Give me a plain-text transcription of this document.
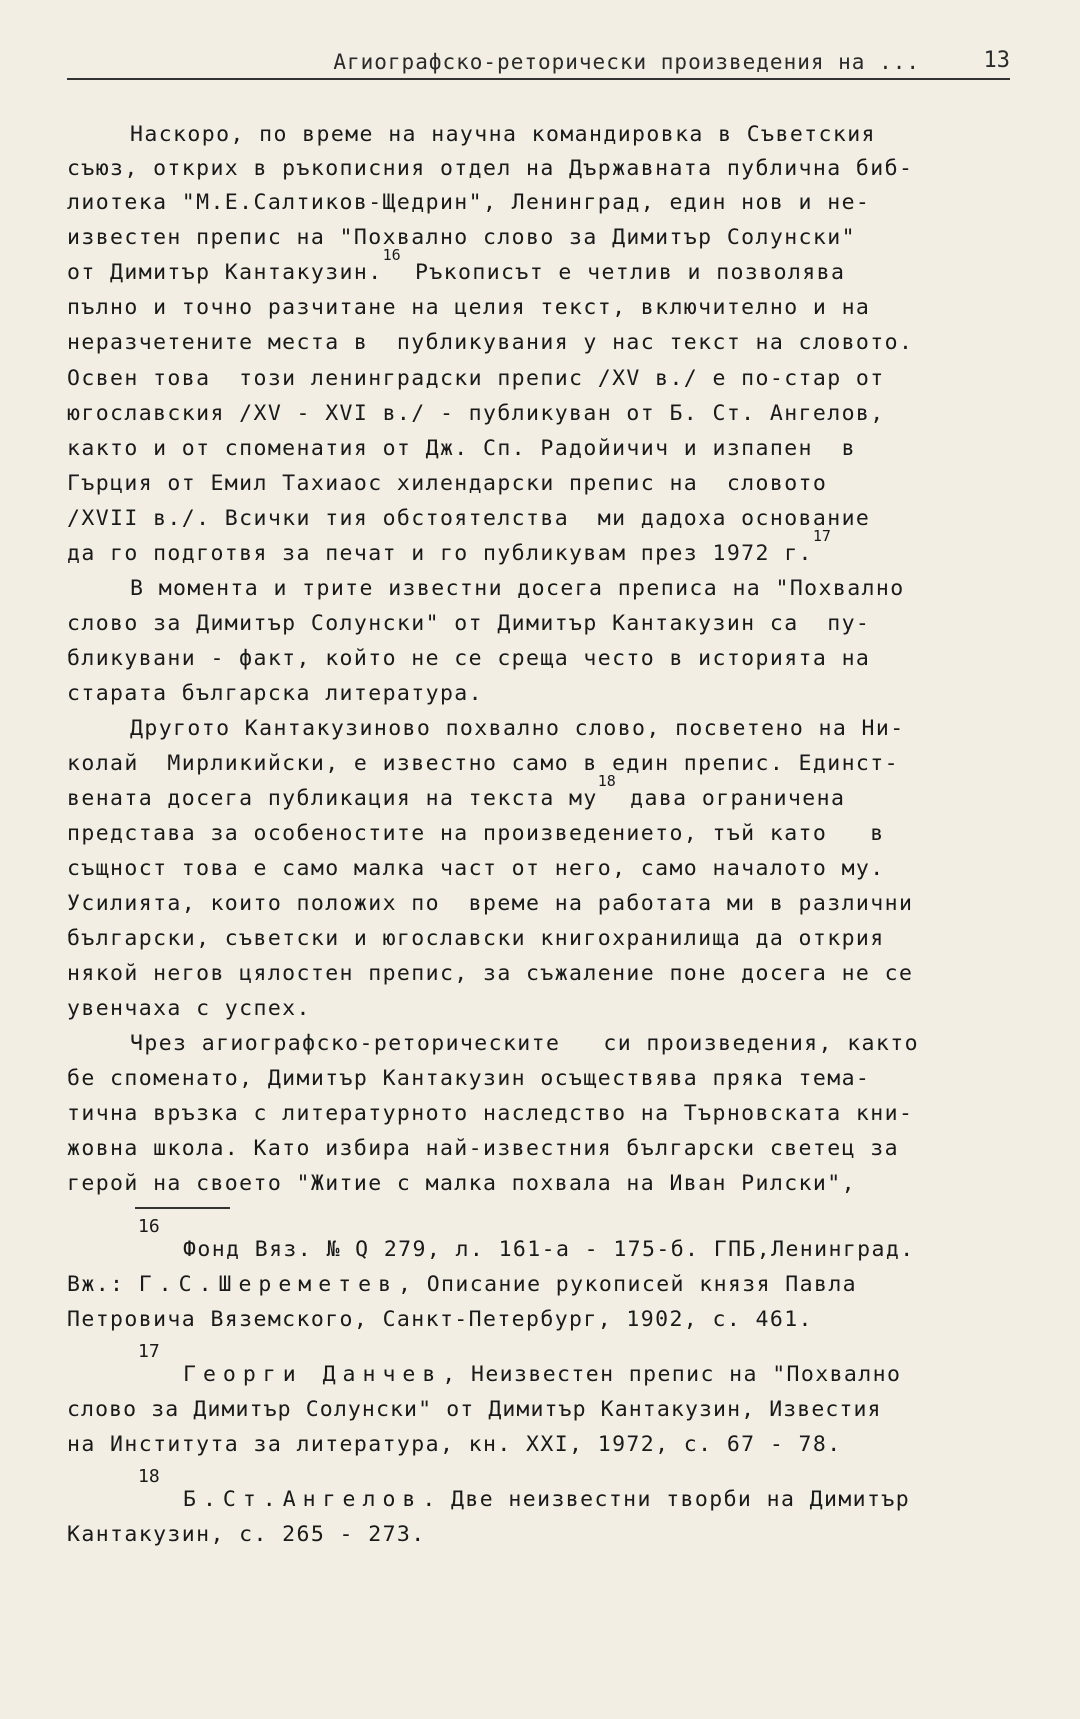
Агиографско-реторически произведения на ...	13
Наскоро, по време на научна командировка в Съветския
съюз, открих в ръкописния отдел на Държавната публична биб-
лиотека "М.Е.Салтиков-Щедрин", Ленинград, един нов и не-
известен препис на "Похвално слово за Димитър Солунски"
от Димитър Кантакузин.$^{16}$ Ръкописът е четлив и позволява
пълно и точно разчитане на целия текст, включително и на
неразчетените места в  публикувания у нас текст на словото.
Освен това  този ленинградски препис /XV в./ е по-стар от
югославския /XV - XVI в./ - публикуван от Б. Ст. Ангелов,
както и от споменатия от Дж. Сп. Радойичич и изпапен  в
Гърция от Емил Тахиаос хилендарски препис на  словото
/XVII в./. Всички тия обстоятелства  ми дадоха основание
да го подготвя за печат и го публикувам през 1972 г.$^{17}$
В момента и трите известни досега преписа на "Похвално
слово за Димитър Солунски" от Димитър Кантакузин са  пу-
бликувани - факт, който не се среща често в историята на
старата българска литература.
Другото Кантакузиново похвално слово, посветено на Ни-
колай  Мирликийски, е известно само в един препис. Единст-
вената досега публикация на текста $му^{18}$ дава ограничена
представа за особеностите на произведението, тъй като   в
същност това е само малка част от него, само началото му.
Усилията, които положих по  време на работата ми в различни
български, съветски и югославски книгохранилища да открия
някой негов цялостен препис, за съжаление поне досега не се
увенчаха с успех.
Чрез агиографско-реторическите   си произведения, както
бе споменато, Димитър Кантакузин осъществява пряка тема-
тична връзка с литературното наследство на Търновската кни-
жовна школа. Като избира най-известния български светец за
герой на своето "Житие с малка похвала на Иван Рилски",
16
Фонд Вяз. № Q 279, л. 161-а - 175-б. ГПБ,Ленинград.
Вж.: Г.С.Шереметев, Описание рукописей князя Павла
Петровича Вяземского, Санкт-Петербург, 1902, с. 461.
17
Георги Данчев, Неизвестен препис на "Похвално
слово за Димитър Солунски" от Димитър Кантакузин, Известия
на Института за литература, кн. XXI, 1972, с. 67 - 78.
18
Б.Ст.Ангелов. Две неизвестни творби на Димитър
Кантакузин, с. 265 - 273.
